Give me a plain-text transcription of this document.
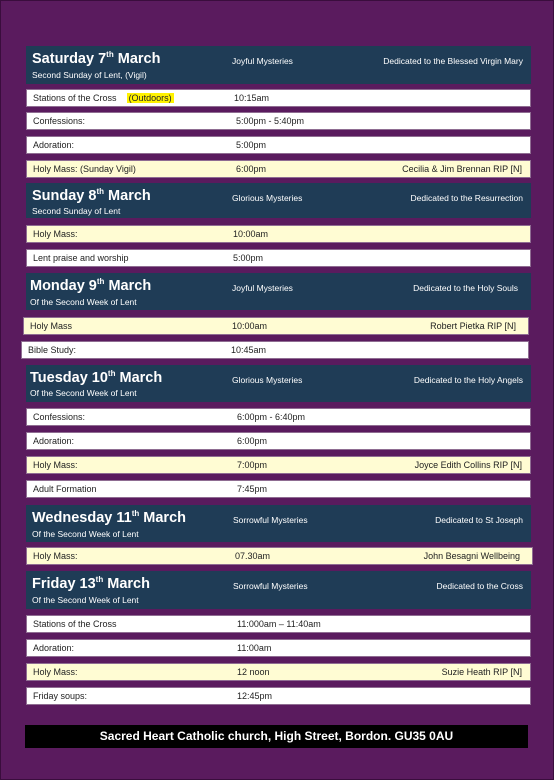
Saturday 7th March
Second Sunday of Lent, (Vigil)
Joyful Mysteries	Dedicated to the Blessed Virgin Mary
Stations of the Cross (Outdoors)	10:15am
Confessions:	5:00pm - 5:40pm
Adoration:	5:00pm
Holy Mass: (Sunday Vigil)	6:00pm	Cecilia & Jim Brennan RIP [N]
Sunday 8th March
Second Sunday of Lent
Glorious Mysteries	Dedicated to the Resurrection
Holy Mass:	10:00am
Lent praise and worship	5:00pm
Monday 9th March
Of the Second Week of Lent
Joyful Mysteries	Dedicated to the Holy Souls
Holy Mass	10:00am	Robert Pietka RIP [N]
Bible Study:	10:45am
Tuesday 10th March
Of the Second Week of Lent
Glorious Mysteries	Dedicated to the Holy Angels
Confessions:	6:00pm - 6:40pm
Adoration:	6:00pm
Holy Mass:	7:00pm	Joyce Edith Collins RIP [N]
Adult Formation	7:45pm
Wednesday 11th March
Of the Second Week of Lent
Sorrowful Mysteries	Dedicated to St Joseph
Holy Mass:	07.30am	John Besagni Wellbeing
Friday 13th March
Of the Second Week of Lent
Sorrowful Mysteries	Dedicated to the Cross
Stations of the Cross	11:000am – 11:40am
Adoration:	11:00am
Holy Mass:	12 noon	Suzie Heath RIP [N]
Friday soups:	12:45pm
Sacred Heart Catholic church, High Street, Bordon. GU35 0AU
